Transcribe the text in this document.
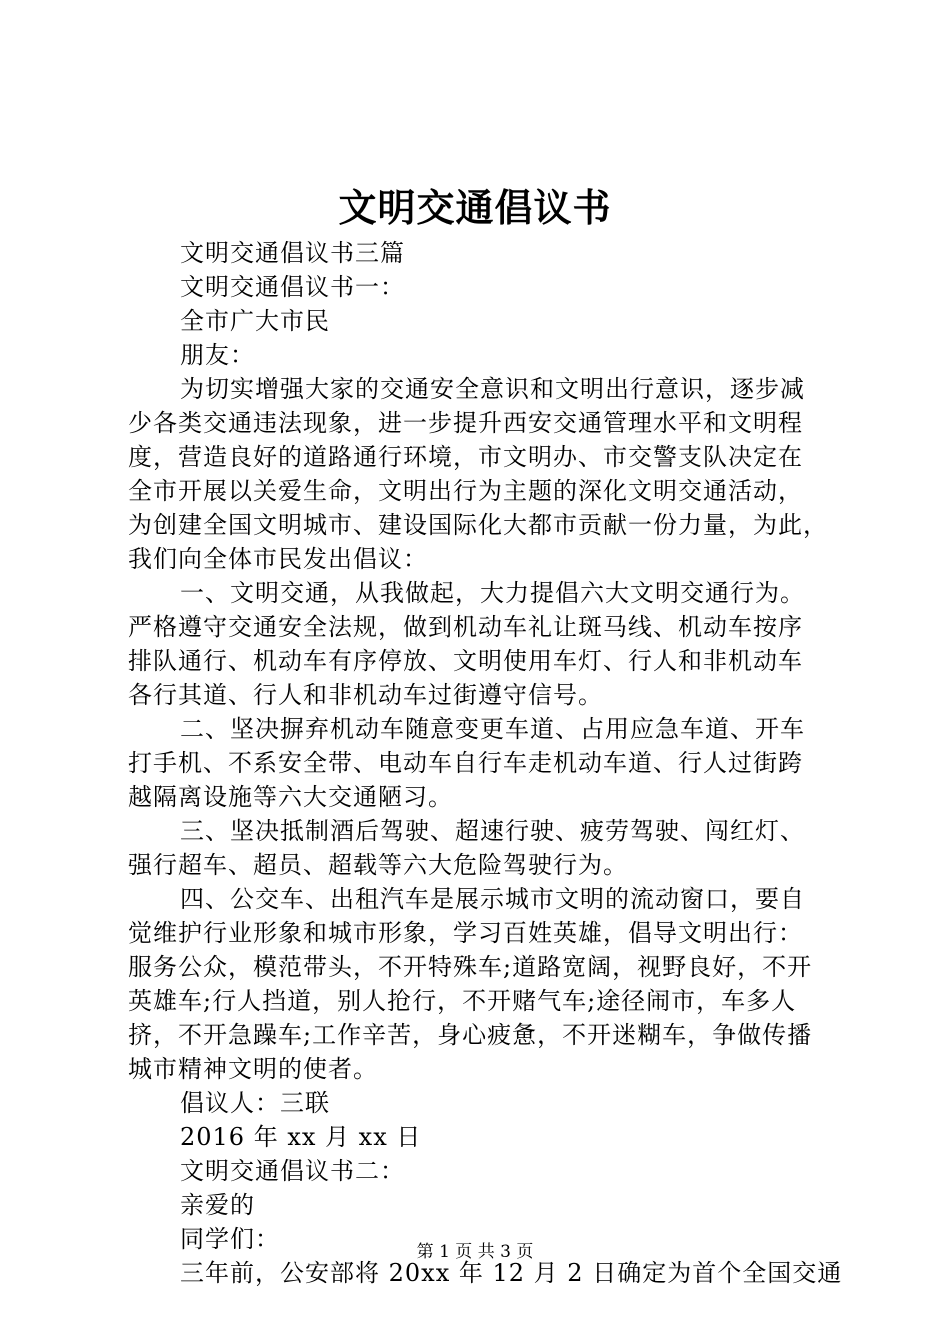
文明交通倡议书
文明交通倡议书三篇
文明交通倡议书一：
全市广大市民
朋友：
为切实增强大家的交通安全意识和文明出行意识，逐步减
少各类交通违法现象，进一步提升西安交通管理水平和文明程
度，营造良好的道路通行环境，市文明办、市交警支队决定在
全市开展以关爱生命，文明出行为主题的深化文明交通活动，
为创建全国文明城市、建设国际化大都市贡献一份力量，为此，
我们向全体市民发出倡议：
一、文明交通，从我做起，大力提倡六大文明交通行为。
严格遵守交通安全法规，做到机动车礼让斑马线、机动车按序
排队通行、机动车有序停放、文明使用车灯、行人和非机动车
各行其道、行人和非机动车过街遵守信号。
二、坚决摒弃机动车随意变更车道、占用应急车道、开车
打手机、不系安全带、电动车自行车走机动车道、行人过街跨
越隔离设施等六大交通陋习。
三、坚决抵制酒后驾驶、超速行驶、疲劳驾驶、闯红灯、
强行超车、超员、超载等六大危险驾驶行为。
四、公交车、出租汽车是展示城市文明的流动窗口，要自
觉维护行业形象和城市形象，学习百姓英雄，倡导文明出行：
服务公众，模范带头，不开特殊车;道路宽阔，视野良好，不开
英雄车;行人挡道，别人抢行，不开赌气车;途径闹市，车多人
挤，不开急躁车;工作辛苦，身心疲惫，不开迷糊车，争做传播
城市精神文明的使者。
倡议人：三联
2016 年 xx 月 xx 日
文明交通倡议书二：
亲爱的
同学们：
三年前，公安部将 20xx 年 12 月 2 日确定为首个全国交通
第 1 页 共 3 页
